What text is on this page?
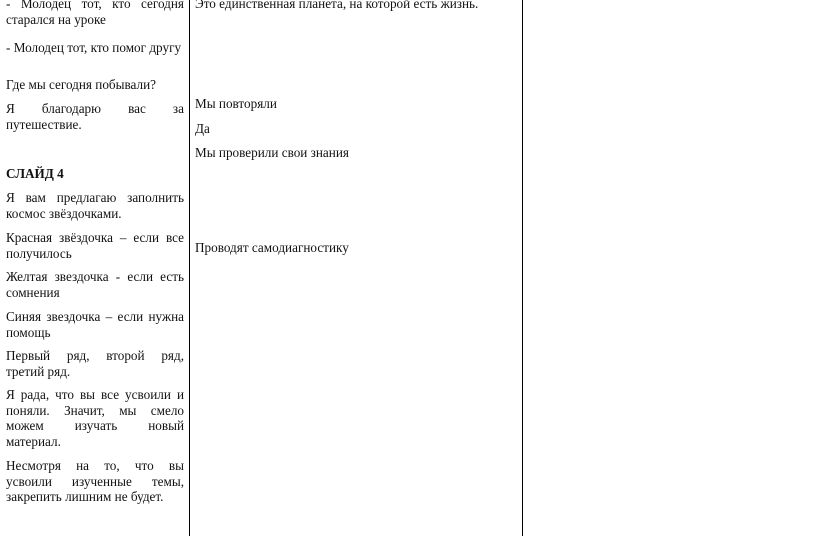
- Молодец тот, кто сегодня старался на уроке

- Молодец тот, кто помог другу

Где мы сегодня побывали?

Я благодарю вас за путешествие.

СЛАЙД 4

Я вам предлагаю заполнить космос звёздочками.

Красная звёздочка – если все получилось

Желтая звездочка - если есть сомнения

Синяя звездочка – если нужна помощь

Первый ряд, второй ряд, третий ряд.

Я рада, что вы все усвоили и поняли. Значит, мы смело можем изучать новый материал.

Несмотря на то, что вы усвоили изученные темы, закрепить лишним не будет.

Это единственная планета, на которой есть жизнь.

Мы повторяли

Да

Мы проверили свои знания

Проводят самодиагностику
